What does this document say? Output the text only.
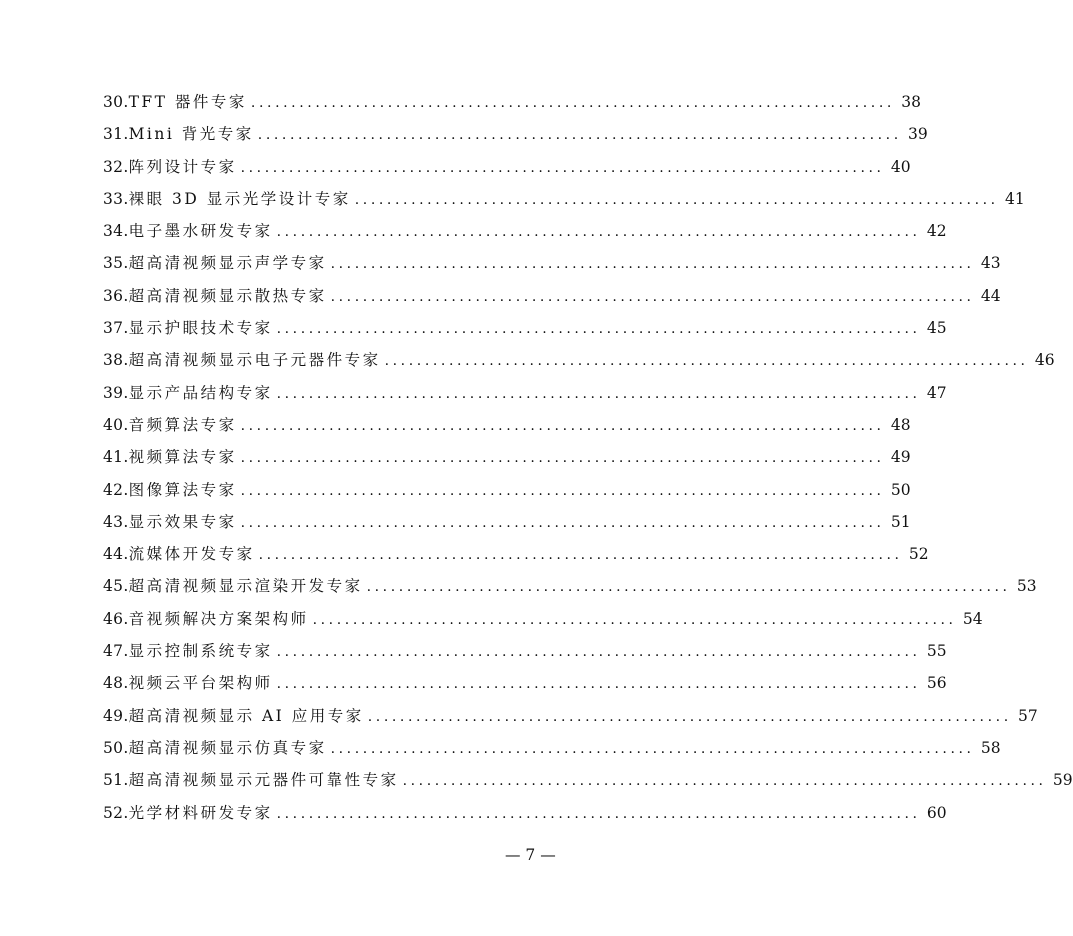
30. TFT 器件专家 ................................................................................ 38
31. Mini 背光专家 ................................................................................ 39
32. 阵列设计专家 ................................................................................ 40
33. 裸眼 3D 显示光学设计专家 ................................................................................ 41
34. 电子墨水研发专家 ................................................................................ 42
35. 超高清视频显示声学专家 ................................................................................ 43
36. 超高清视频显示散热专家 ................................................................................ 44
37. 显示护眼技术专家 ................................................................................ 45
38. 超高清视频显示电子元器件专家 ................................................................................ 46
39. 显示产品结构专家 ................................................................................ 47
40. 音频算法专家 ................................................................................ 48
41. 视频算法专家 ................................................................................ 49
42. 图像算法专家 ................................................................................ 50
43. 显示效果专家 ................................................................................ 51
44. 流媒体开发专家 ................................................................................ 52
45. 超高清视频显示渲染开发专家 ................................................................................ 53
46. 音视频解决方案架构师 ................................................................................ 54
47. 显示控制系统专家 ................................................................................ 55
48. 视频云平台架构师 ................................................................................ 56
49. 超高清视频显示 AI 应用专家 ................................................................................ 57
50. 超高清视频显示仿真专家 ................................................................................ 58
51. 超高清视频显示元器件可靠性专家 ................................................................................ 59
52. 光学材料研发专家 ................................................................................ 60
— 7 —
